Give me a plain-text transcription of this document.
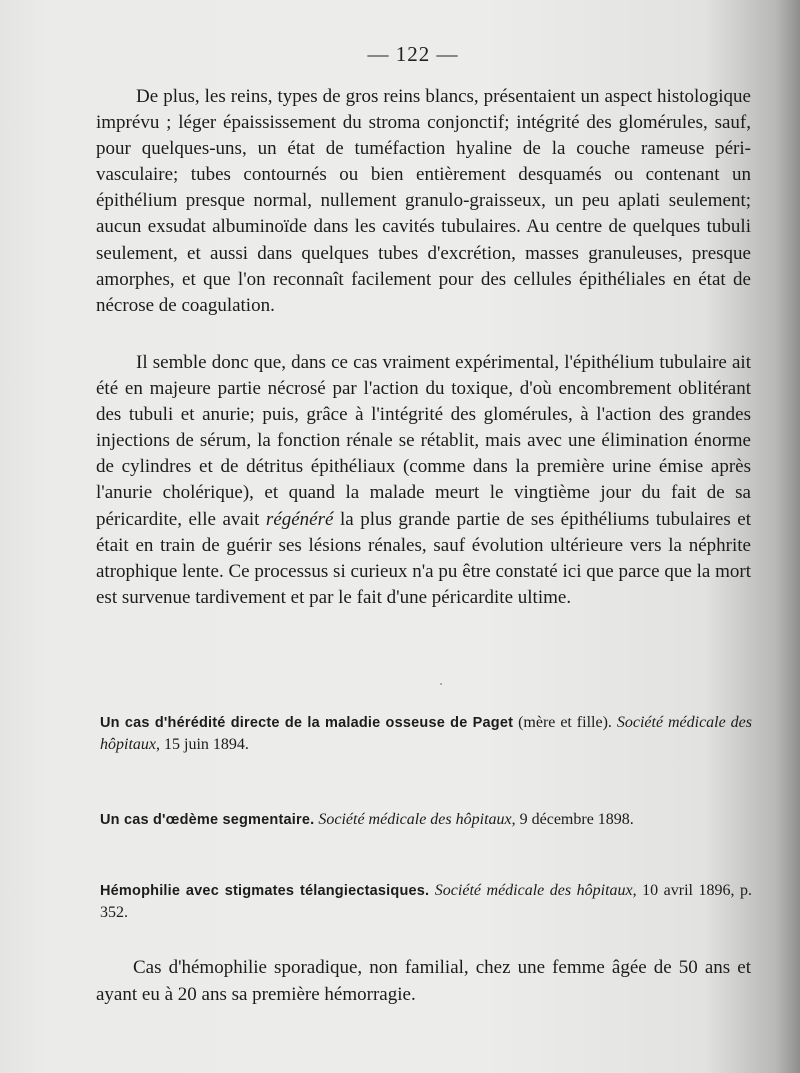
— 122 —

De plus, les reins, types de gros reins blancs, présentaient un aspect histologique imprévu ; léger épaississement du stroma conjonctif; intégrité des glomérules, sauf, pour quelques-uns, un état de tuméfaction hyaline de la couche rameuse péri-vasculaire; tubes contournés ou bien entièrement desquamés ou contenant un épithélium presque normal, nullement granulo-graisseux, un peu aplati seulement; aucun exsudat albuminoïde dans les cavités tubulaires. Au centre de quelques tubuli seulement, et aussi dans quelques tubes d'excrétion, masses granuleuses, presque amorphes, et que l'on reconnaît facilement pour des cellules épithéliales en état de nécrose de coagulation.

Il semble donc que, dans ce cas vraiment expérimental, l'épithélium tubulaire ait été en majeure partie nécrosé par l'action du toxique, d'où encombrement oblitérant des tubuli et anurie; puis, grâce à l'intégrité des glomérules, à l'action des grandes injections de sérum, la fonction rénale se rétablit, mais avec une élimination énorme de cylindres et de détritus épithéliaux (comme dans la première urine émise après l'anurie cholérique), et quand la malade meurt le vingtième jour du fait de sa péricardite, elle avait régénéré la plus grande partie de ses épithéliums tubulaires et était en train de guérir ses lésions rénales, sauf évolution ultérieure vers la néphrite atrophique lente. Ce processus si curieux n'a pu être constaté ici que parce que la mort est survenue tardivement et par le fait d'une péricardite ultime.

Un cas d'hérédité directe de la maladie osseuse de Paget (mère et fille). Société médicale des hôpitaux, 15 juin 1894.
Un cas d'œdème segmentaire. Société médicale des hôpitaux, 9 décembre 1898.
Hémophilie avec stigmates télangiectasiques. Société médicale des hôpitaux, 10 avril 1896, p. 352.

Cas d'hémophilie sporadique, non familial, chez une femme âgée de 50 ans et ayant eu à 20 ans sa première hémorragie.
